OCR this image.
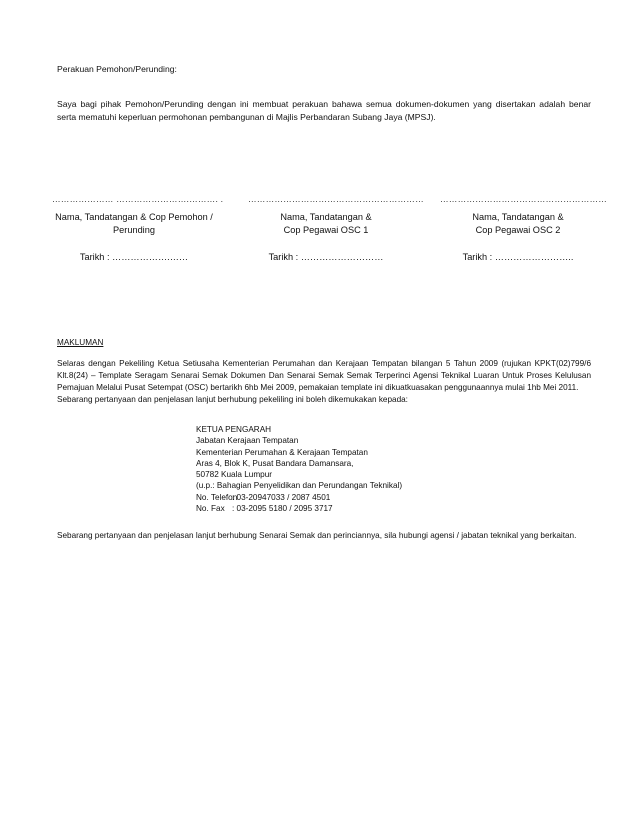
Perakuan Pemohon/Perunding:
Saya bagi pihak Pemohon/Perunding dengan ini membuat perakuan bahawa semua dokumen-dokumen yang disertakan adalah benar serta mematuhi keperluan permohonan pembangunan di Majlis Perbandaran Subang Jaya (MPSJ).
………………… …………………….………. .
Nama, Tandatangan & Cop Pemohon /
Perunding
Tarikh : ……………….……
……………………………………………………
Nama, Tandatangan &
Cop Pegawai OSC 1
Tarikh : ………………………
…………………………………………………
Nama, Tandatangan &
Cop Pegawai OSC 2
Tarikh : ……………………..
MAKLUMAN
Selaras dengan Pekeliling Ketua Setiusaha Kementerian Perumahan dan Kerajaan Tempatan bilangan 5 Tahun 2009 (rujukan KPKT(02)799/6 Klt.8(24) – Template Seragam Senarai Semak Dokumen Dan Senarai Semak Semak Terperinci Agensi Teknikal Luaran Untuk Proses Kelulusan Pemajuan Melalui Pusat Setempat (OSC) bertarikh 6hb Mei 2009, pemakaian template ini dikuatkuasakan penggunaannya mulai 1hb Mei 2011.
Sebarang pertanyaan dan penjelasan lanjut berhubung pekeliling ini boleh dikemukakan kepada:
KETUA PENGARAH
Jabatan Kerajaan Tempatan
Kementerian Perumahan & Kerajaan Tempatan
Aras 4, Blok K, Pusat Bandara Damansara,
50782 Kuala Lumpur
(u.p.: Bahagian Penyelidikan dan Perundangan Teknikal)
No. Telefon: 03-20947033 / 2087 4501
No. Fax : 03-2095 5180 / 2095 3717
Sebarang pertanyaan dan penjelasan lanjut berhubung Senarai Semak dan perinciannya, sila hubungi agensi / jabatan teknikal yang berkaitan.
